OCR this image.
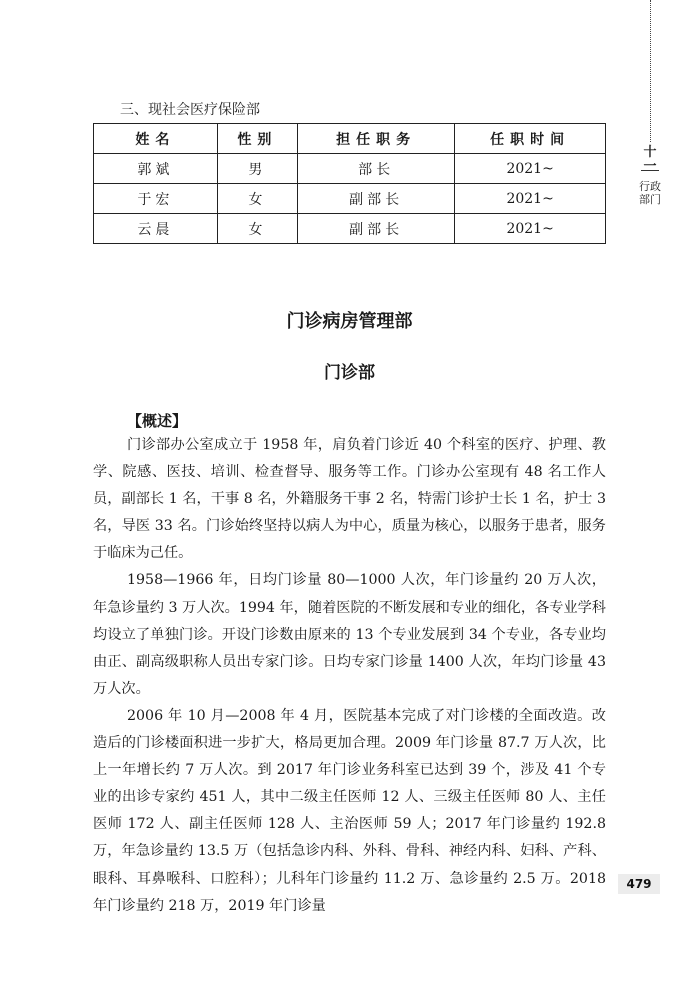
十一
行政部门
三、现社会医疗保险部
姓名	性别	担任职务	任职时间
郭斌	男	部长	2021~
于宏	女	副部长	2021~
云晨	女	副部长	2021~
门诊病房管理部
门诊部
【概述】

门诊部办公室成立于 1958 年，肩负着门诊近 40 个科室的医疗、护理、教学、院感、医技、培训、检查督导、服务等工作。门诊办公室现有 48 名工作人员，副部长 1 名，干事 8 名，外籍服务干事 2 名，特需门诊护士长 1 名，护士 3 名，导医 33 名。门诊始终坚持以病人为中心，质量为核心，以服务于患者，服务于临床为己任。

1958—1966 年，日均门诊量 80—1000 人次，年门诊量约 20 万人次，年急诊量约 3 万人次。1994 年，随着医院的不断发展和专业的细化，各专业学科均设立了单独门诊。开设门诊数由原来的 13 个专业发展到 34 个专业，各专业均由正、副高级职称人员出专家门诊。日均专家门诊量 1400 人次，年均门诊量 43 万人次。

2006 年 10 月—2008 年 4 月，医院基本完成了对门诊楼的全面改造。改造后的门诊楼面积进一步扩大，格局更加合理。2009 年门诊量 87.7 万人次，比上一年增长约 7 万人次。到 2017 年门诊业务科室已达到 39 个，涉及 41 个专业的出诊专家约 451 人，其中二级主任医师 12 人、三级主任医师 80 人、主任医师 172 人、副主任医师 128 人、主治医师 59 人；2017 年门诊量约 192.8 万，年急诊量约 13.5 万（包括急诊内科、外科、骨科、神经内科、妇科、产科、眼科、耳鼻喉科、口腔科）；儿科年门诊量约 11.2 万、急诊量约 2.5 万。2018 年门诊量约 218 万，2019 年门诊量

479
